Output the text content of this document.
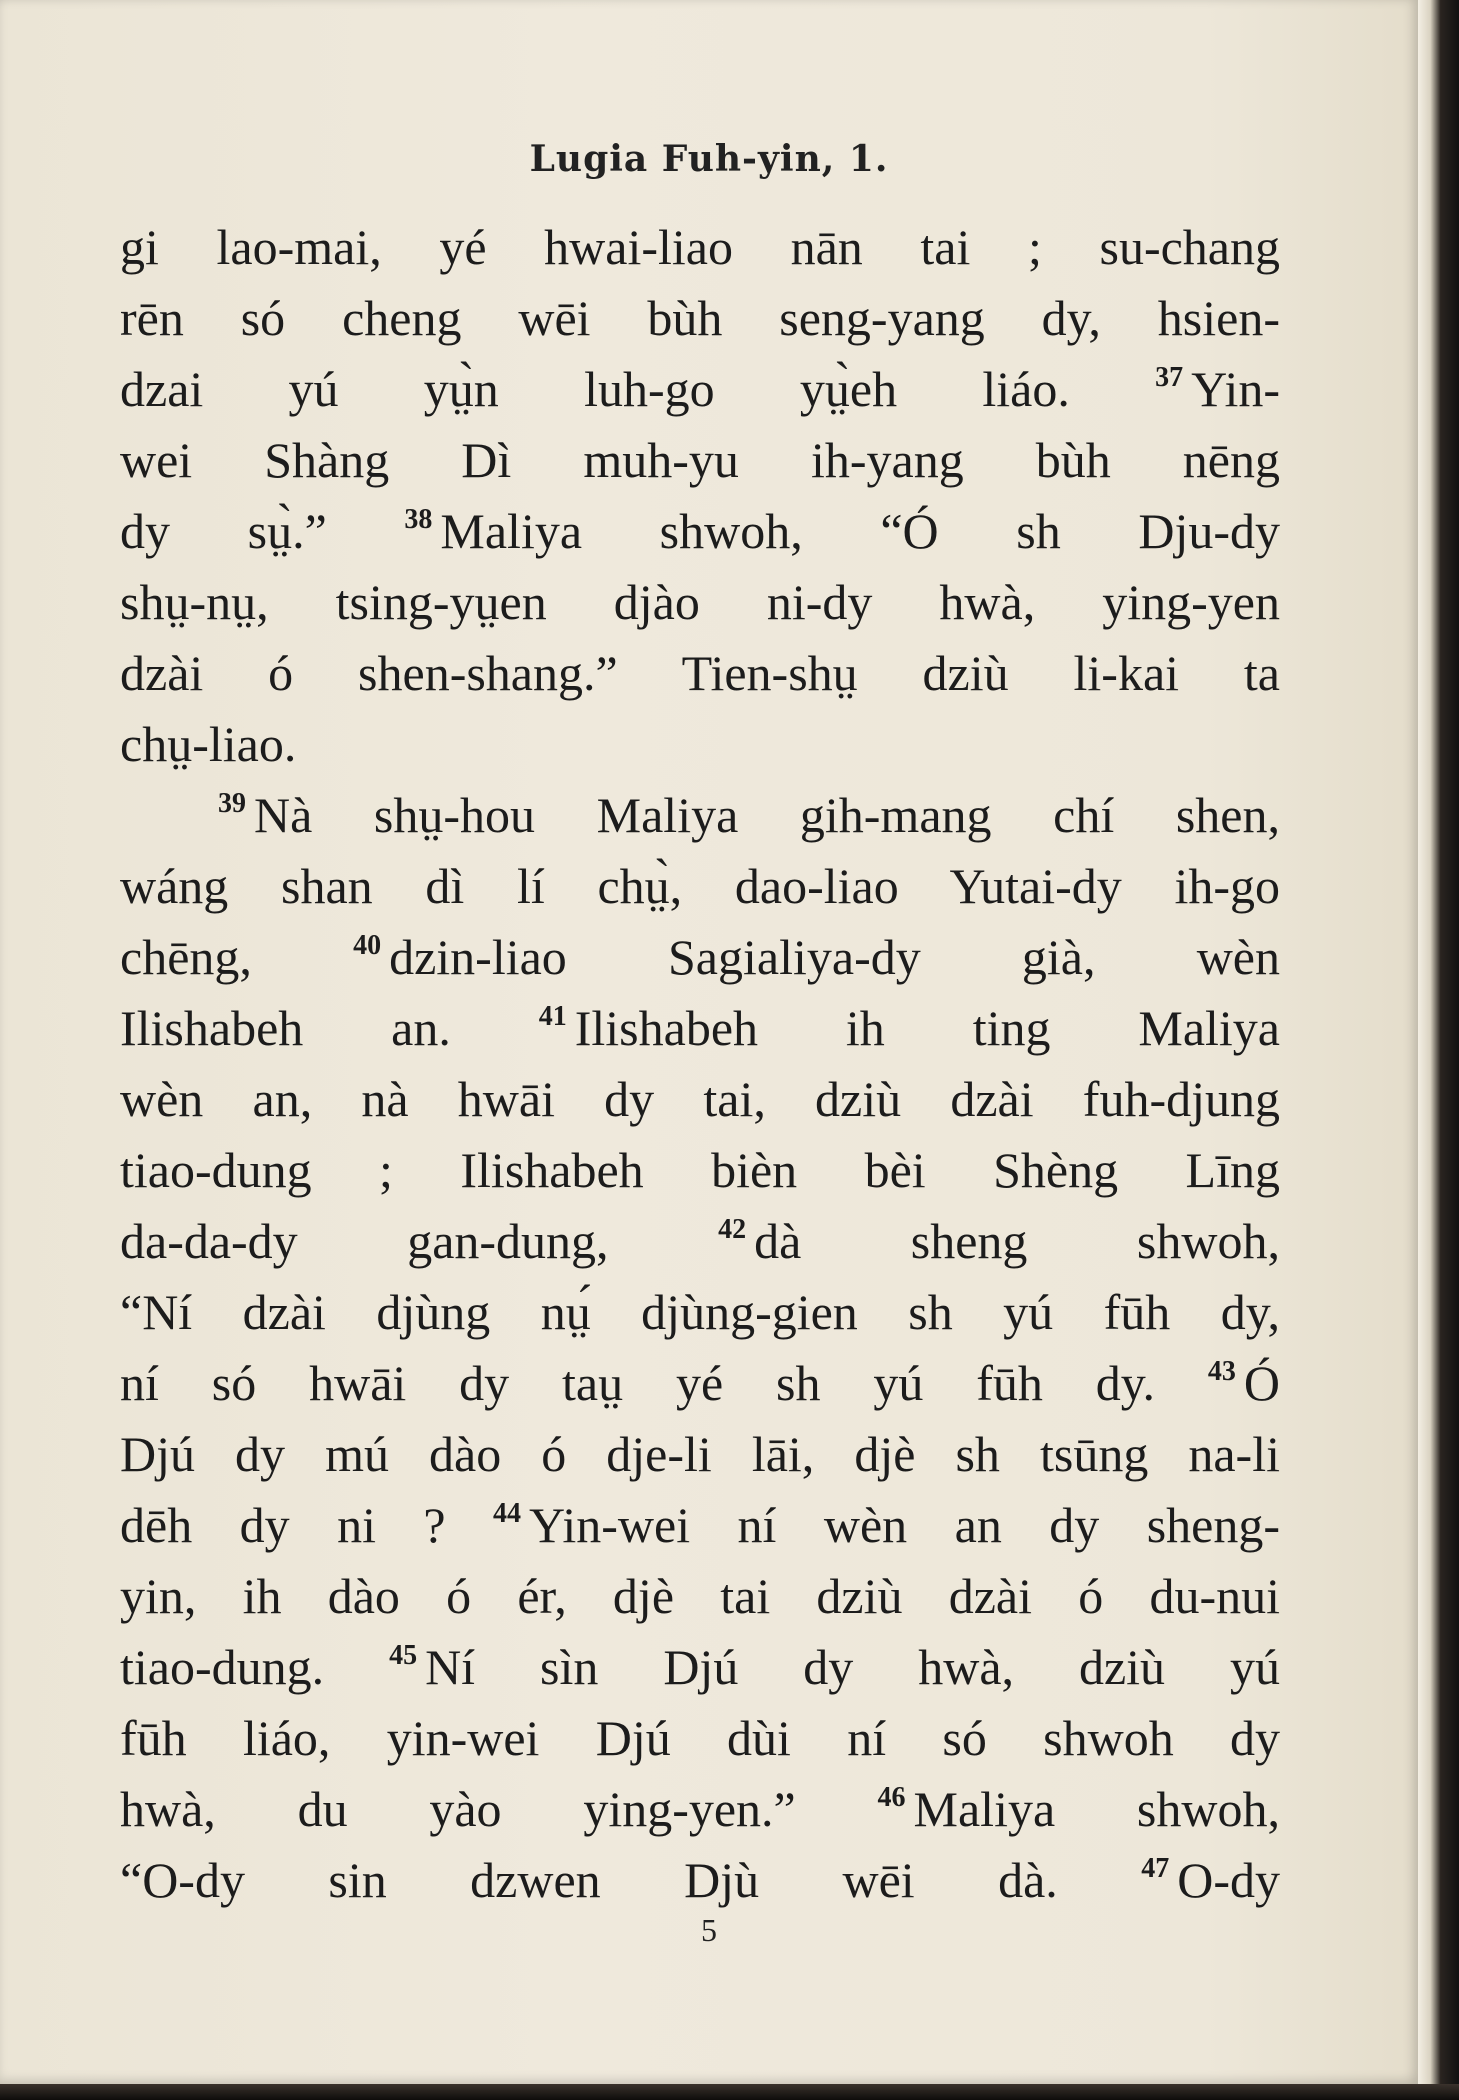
Lugia Fuh-yin, 1.
gi lao-mai, yé hwai-liao nān tai ; su-chang
rēn só cheng wēi bùh seng-yang dy, hsien-
dzai yú yṳ̀n luh-go yṳ̀eh liáo. $^{37}$ Yin-
wei Shàng Dì muh-yu ih-yang bùh nēng
dy sṳ̀.” $^{38}$ Maliya shwoh, “Ó sh Dju-dy
shṳ-nṳ, tsing-yṳen djào ni-dy hwà, ying-yen
dzài ó shen-shang.” Tien-shṳ dziù li-kai ta
chṳ-liao.
$^{39}$ Nà shṳ-hou Maliya gih-mang chí shen,
wáng shan dì lí chṳ̀, dao-liao Yutai-dy ih-go
chēng, $^{40}$ dzin-liao Sagialiya-dy già, wèn
Ilishabeh an. $^{41}$ Ilishabeh ih ting Maliya
wèn an, nà hwāi dy tai, dziù dzài fuh-djung
tiao-dung ; Ilishabeh bièn bèi Shèng Līng
da-da-dy gan-dung, $^{42}$ dà sheng shwoh,
“Ní dzài djùng nṳ́ djùng-gien sh yú fūh dy,
ní só hwāi dy taṳ yé sh yú fūh dy. $^{43}$ Ó
Djú dy mú dào ó dje-li lāi, djè sh tsūng na-li
dēh dy ni ? $^{44}$ Yin-wei ní wèn an dy sheng-
yin, ih dào ó ér, djè tai dziù dzài ó du-nui
tiao-dung. $^{45}$ Ní sìn Djú dy hwà, dziù yú
fūh liáo, yin-wei Djú dùi ní só shwoh dy
hwà, du yào ying-yen.” $^{46}$ Maliya shwoh,
“O-dy sin dzwen Djù wēi dà. $^{47}$ O-dy
5
